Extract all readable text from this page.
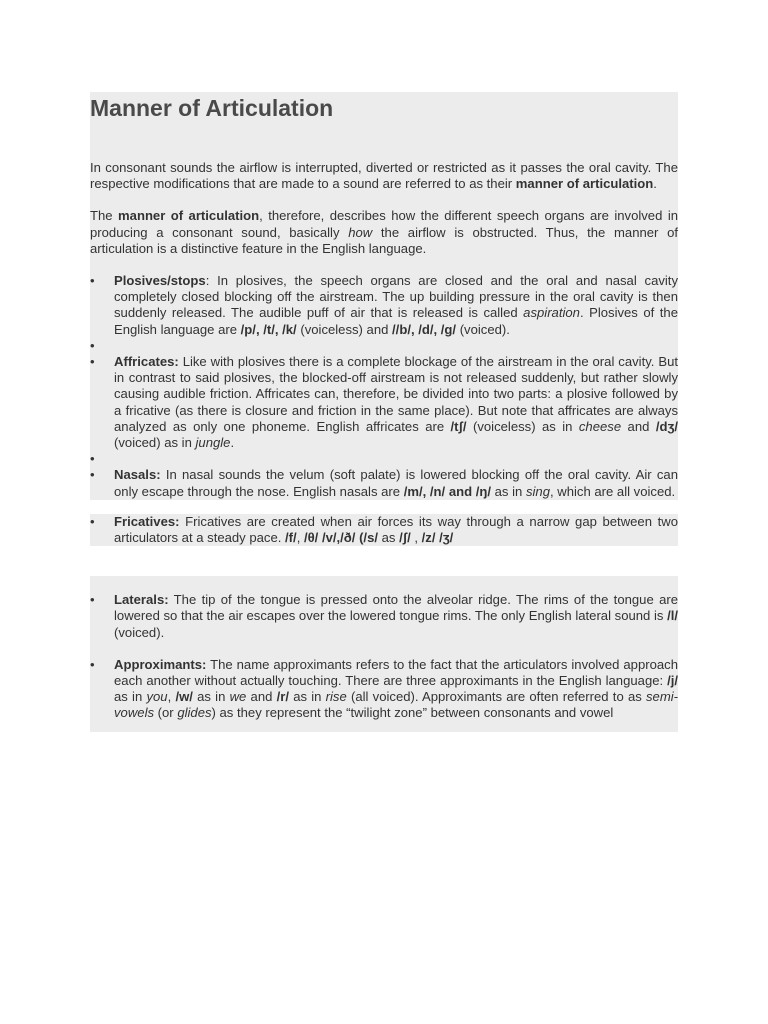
Manner of Articulation

In consonant sounds the airflow is interrupted, diverted or restricted as it passes the oral cavity. The respective modifications that are made to a sound are referred to as their manner of articulation.

The manner of articulation, therefore, describes how the different speech organs are involved in producing a consonant sound, basically how the airflow is obstructed. Thus, the manner of articulation is a distinctive feature in the English language.

• Plosives/stops: In plosives, the speech organs are closed and the oral and nasal cavity completely closed blocking off the airstream. The up building pressure in the oral cavity is then suddenly released. The audible puff of air that is released is called aspiration. Plosives of the English language are /p/, /t/, /k/ (voiceless) and //b/, /d/, /g/ (voiced).
•
• Affricates: Like with plosives there is a complete blockage of the airstream in the oral cavity. But in contrast to said plosives, the blocked-off airstream is not released suddenly, but rather slowly causing audible friction. Affricates can, therefore, be divided into two parts: a plosive followed by a fricative (as there is closure and friction in the same place). But note that affricates are always analyzed as only one phoneme. English affricates are /tʃ/ (voiceless) as in cheese and /dʒ/ (voiced) as in jungle.
•
• Nasals: In nasal sounds the velum (soft palate) is lowered blocking off the oral cavity. Air can only escape through the nose. English nasals are /m/, /n/ and /ŋ/ as in sing, which are all voiced.
• Fricatives: Fricatives are created when air forces its way through a narrow gap between two articulators at a steady pace. /f/, /θ/ /v/,/ð/ (/s/ as /ʃ/ , /z/ /ʒ/
• Laterals: The tip of the tongue is pressed onto the alveolar ridge. The rims of the tongue are lowered so that the air escapes over the lowered tongue rims. The only English lateral sound is /l/ (voiced).
• Approximants: The name approximants refers to the fact that the articulators involved approach each another without actually touching. There are three approximants in the English language: /j/ as in you, /w/ as in we and /r/ as in rise (all voiced). Approximants are often referred to as semi-vowels (or glides) as they represent the “twilight zone” between consonants and vowel
